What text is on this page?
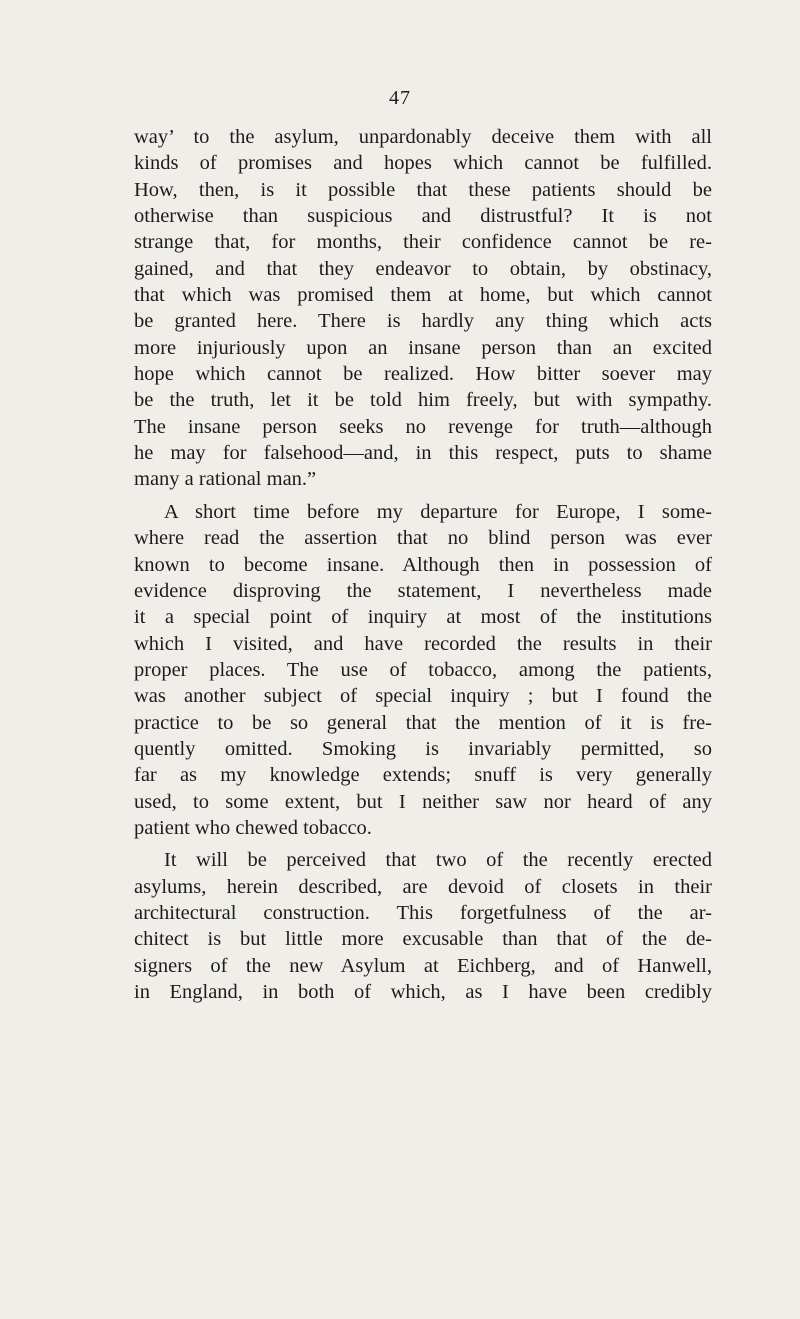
47
way’ to the asylum, unpardonably deceive them with all
kinds of promises and hopes which cannot be fulfilled.
How, then, is it possible that these patients should be
otherwise than suspicious and distrustful? It is not
strange that, for months, their confidence cannot be re-
gained, and that they endeavor to obtain, by obstinacy,
that which was promised them at home, but which cannot
be granted here. There is hardly any thing which acts
more injuriously upon an insane person than an excited
hope which cannot be realized. How bitter soever may
be the truth, let it be told him freely, but with sympathy.
The insane person seeks no revenge for truth—although
he may for falsehood—and, in this respect, puts to shame
many a rational man.”
A short time before my departure for Europe, I some-
where read the assertion that no blind person was ever
known to become insane. Although then in possession of
evidence disproving the statement, I nevertheless made
it a special point of inquiry at most of the institutions
which I visited, and have recorded the results in their
proper places. The use of tobacco, among the patients,
was another subject of special inquiry ; but I found the
practice to be so general that the mention of it is fre-
quently omitted. Smoking is invariably permitted, so
far as my knowledge extends; snuff is very generally
used, to some extent, but I neither saw nor heard of any
patient who chewed tobacco.
It will be perceived that two of the recently erected
asylums, herein described, are devoid of closets in their
architectural construction. This forgetfulness of the ar-
chitect is but little more excusable than that of the de-
signers of the new Asylum at Eichberg, and of Hanwell,
in England, in both of which, as I have been credibly
